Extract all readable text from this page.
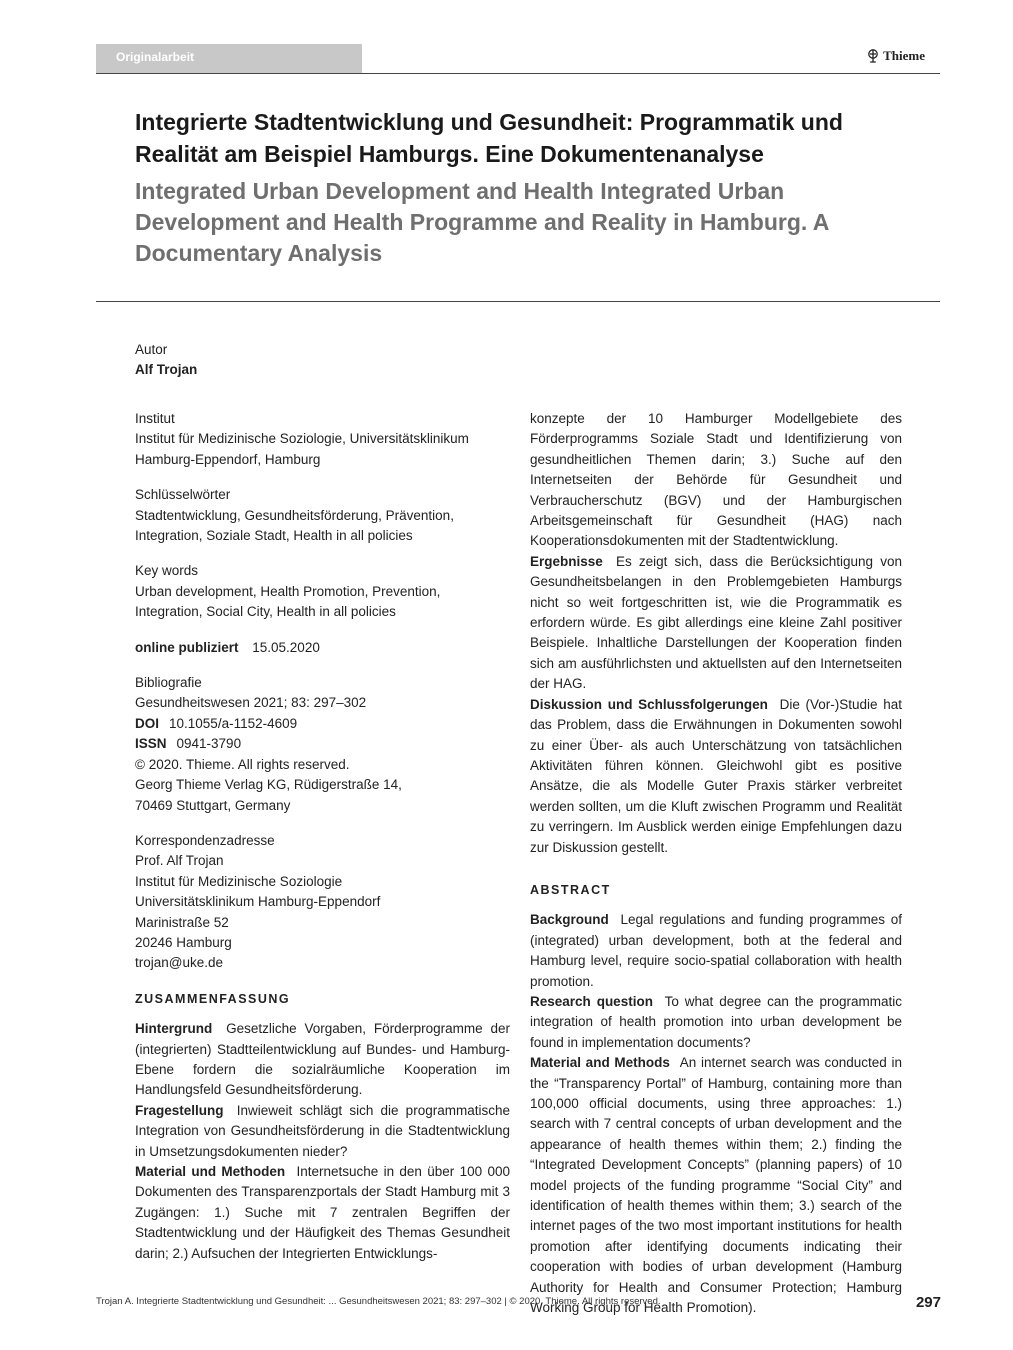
Originalarbeit	Thieme
Integrierte Stadtentwicklung und Gesundheit: Programmatik und Realität am Beispiel Hamburgs. Eine Dokumentenanalyse
Integrated Urban Development and Health Integrated Urban Development and Health Programme and Reality in Hamburg. A Documentary Analysis
Autor
Alf Trojan
Institut
Institut für Medizinische Soziologie, Universitätsklinikum Hamburg-Eppendorf, Hamburg
Schlüsselwörter
Stadtentwicklung, Gesundheitsförderung, Prävention, Integration, Soziale Stadt, Health in all policies
Key words
Urban development, Health Promotion, Prevention, Integration, Social City, Health in all policies
online publiziert 15.05.2020
Bibliografie
Gesundheitswesen 2021; 83: 297–302
DOI 10.1055/a-1152-4609
ISSN 0941-3790
© 2020. Thieme. All rights reserved.
Georg Thieme Verlag KG, Rüdigerstraße 14,
70469 Stuttgart, Germany
Korrespondenzadresse
Prof. Alf Trojan
Institut für Medizinische Soziologie
Universitätsklinikum Hamburg-Eppendorf
Marinistraße 52
20246 Hamburg
trojan@uke.de
ZUSAMMENFASSUNG
Hintergrund Gesetzliche Vorgaben, Förderprogramme der (integrierten) Stadtteilentwicklung auf Bundes- und Hamburg-Ebene fordern die sozialräumliche Kooperation im Handlungsfeld Gesundheitsförderung.
Fragestellung Inwieweit schlägt sich die programmatische Integration von Gesundheitsförderung in die Stadtentwicklung in Umsetzungsdokumenten nieder?
Material und Methoden Internetsuche in den über 100 000 Dokumenten des Transparenzportals der Stadt Hamburg mit 3 Zugängen: 1.) Suche mit 7 zentralen Begriffen der Stadtentwicklung und der Häufigkeit des Themas Gesundheit darin; 2.) Aufsuchen der Integrierten Entwicklungs-
konzepte der 10 Hamburger Modellgebiete des Förderprogramms Soziale Stadt und Identifizierung von gesundheitlichen Themen darin; 3.) Suche auf den Internetseiten der Behörde für Gesundheit und Verbraucherschutz (BGV) und der Hamburgischen Arbeitsgemeinschaft für Gesundheit (HAG) nach Kooperationsdokumenten mit der Stadtentwicklung.
Ergebnisse Es zeigt sich, dass die Berücksichtigung von Gesundheitsbelangen in den Problemgebieten Hamburgs nicht so weit fortgeschritten ist, wie die Programmatik es erfordern würde. Es gibt allerdings eine kleine Zahl positiver Beispiele. Inhaltliche Darstellungen der Kooperation finden sich am ausführlichsten und aktuellsten auf den Internetseiten der HAG.
Diskussion und Schlussfolgerungen Die (Vor-)Studie hat das Problem, dass die Erwähnungen in Dokumenten sowohl zu einer Über- als auch Unterschätzung von tatsächlichen Aktivitäten führen können. Gleichwohl gibt es positive Ansätze, die als Modelle Guter Praxis stärker verbreitet werden sollten, um die Kluft zwischen Programm und Realität zu verringern. Im Ausblick werden einige Empfehlungen dazu zur Diskussion gestellt.
ABSTRACT
Background Legal regulations and funding programmes of (integrated) urban development, both at the federal and Hamburg level, require socio-spatial collaboration with health promotion.
Research question To what degree can the programmatic integration of health promotion into urban development be found in implementation documents?
Material and Methods An internet search was conducted in the “Transparency Portal” of Hamburg, containing more than 100,000 official documents, using three approaches: 1.) search with 7 central concepts of urban development and the appearance of health themes within them; 2.) finding the “Integrated Development Concepts” (planning papers) of 10 model projects of the funding programme “Social City” and identification of health themes within them; 3.) search of the internet pages of the two most important institutions for health promotion after identifying documents indicating their cooperation with bodies of urban development (Hamburg Authority for Health and Consumer Protection; Hamburg Working Group for Health Promotion).
Trojan A. Integrierte Stadtentwicklung und Gesundheit: ... Gesundheitswesen 2021; 83: 297–302 | © 2020. Thieme. All rights reserved.	297
